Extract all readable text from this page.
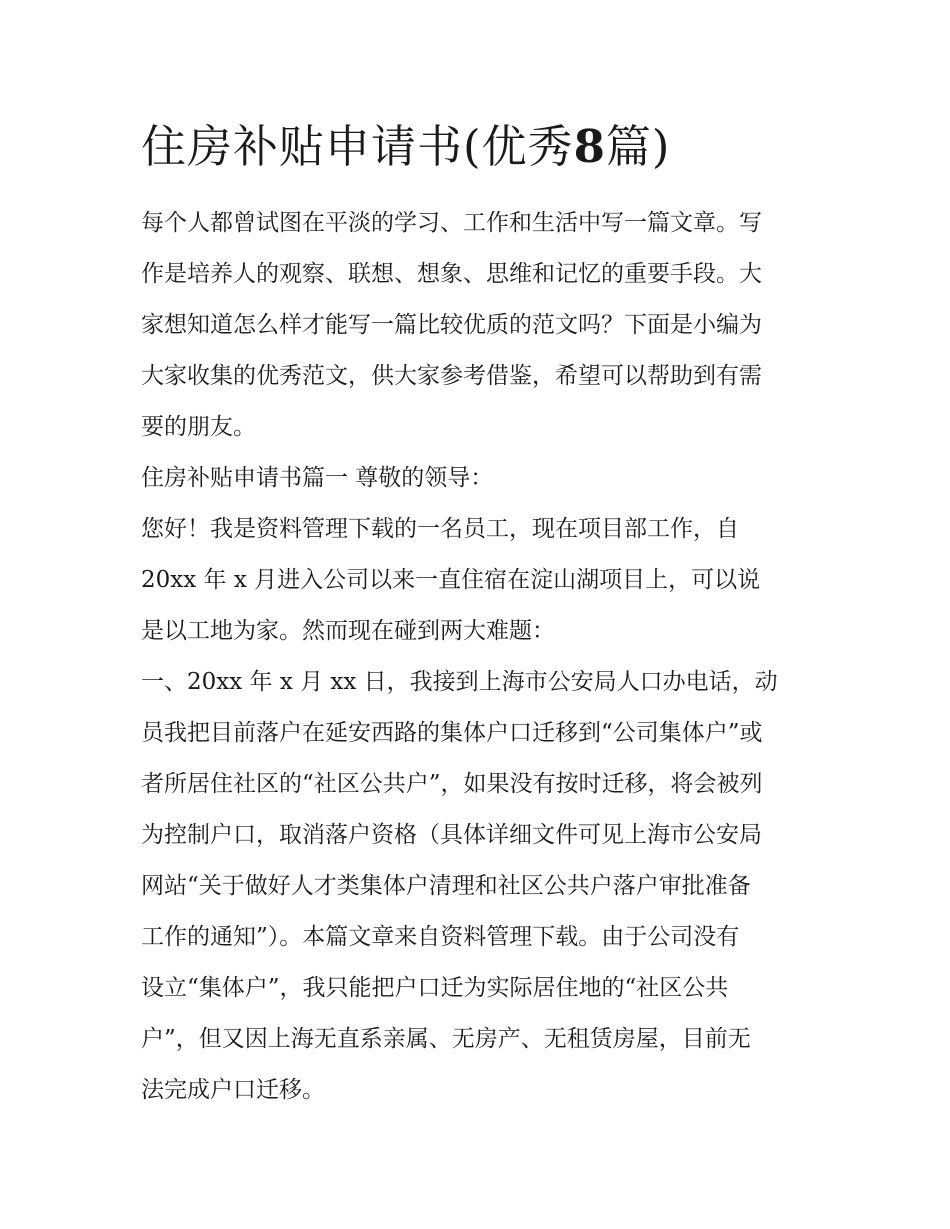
住房补贴申请书(优秀8篇)
每个人都曾试图在平淡的学习、工作和生活中写一篇文章。写
作是培养人的观察、联想、想象、思维和记忆的重要手段。大
家想知道怎么样才能写一篇比较优质的范文吗？下面是小编为
大家收集的优秀范文，供大家参考借鉴，希望可以帮助到有需
要的朋友。
住房补贴申请书篇一 尊敬的领导：
您好！我是资料管理下载的一名员工，现在项目部工作，自
20xx 年 x 月进入公司以来一直住宿在淀山湖项目上，可以说
是以工地为家。然而现在碰到两大难题：
一、20xx 年 x 月 xx 日，我接到上海市公安局人口办电话，动
员我把目前落户在延安西路的集体户口迁移到“公司集体户”或
者所居住社区的“社区公共户”，如果没有按时迁移，将会被列
为控制户口，取消落户资格（具体详细文件可见上海市公安局
网站“关于做好人才类集体户清理和社区公共户落户审批准备
工作的通知”）。本篇文章来自资料管理下载。由于公司没有
设立“集体户”，我只能把户口迁为实际居住地的“社区公共
户”，但又因上海无直系亲属、无房产、无租赁房屋，目前无
法完成户口迁移。
